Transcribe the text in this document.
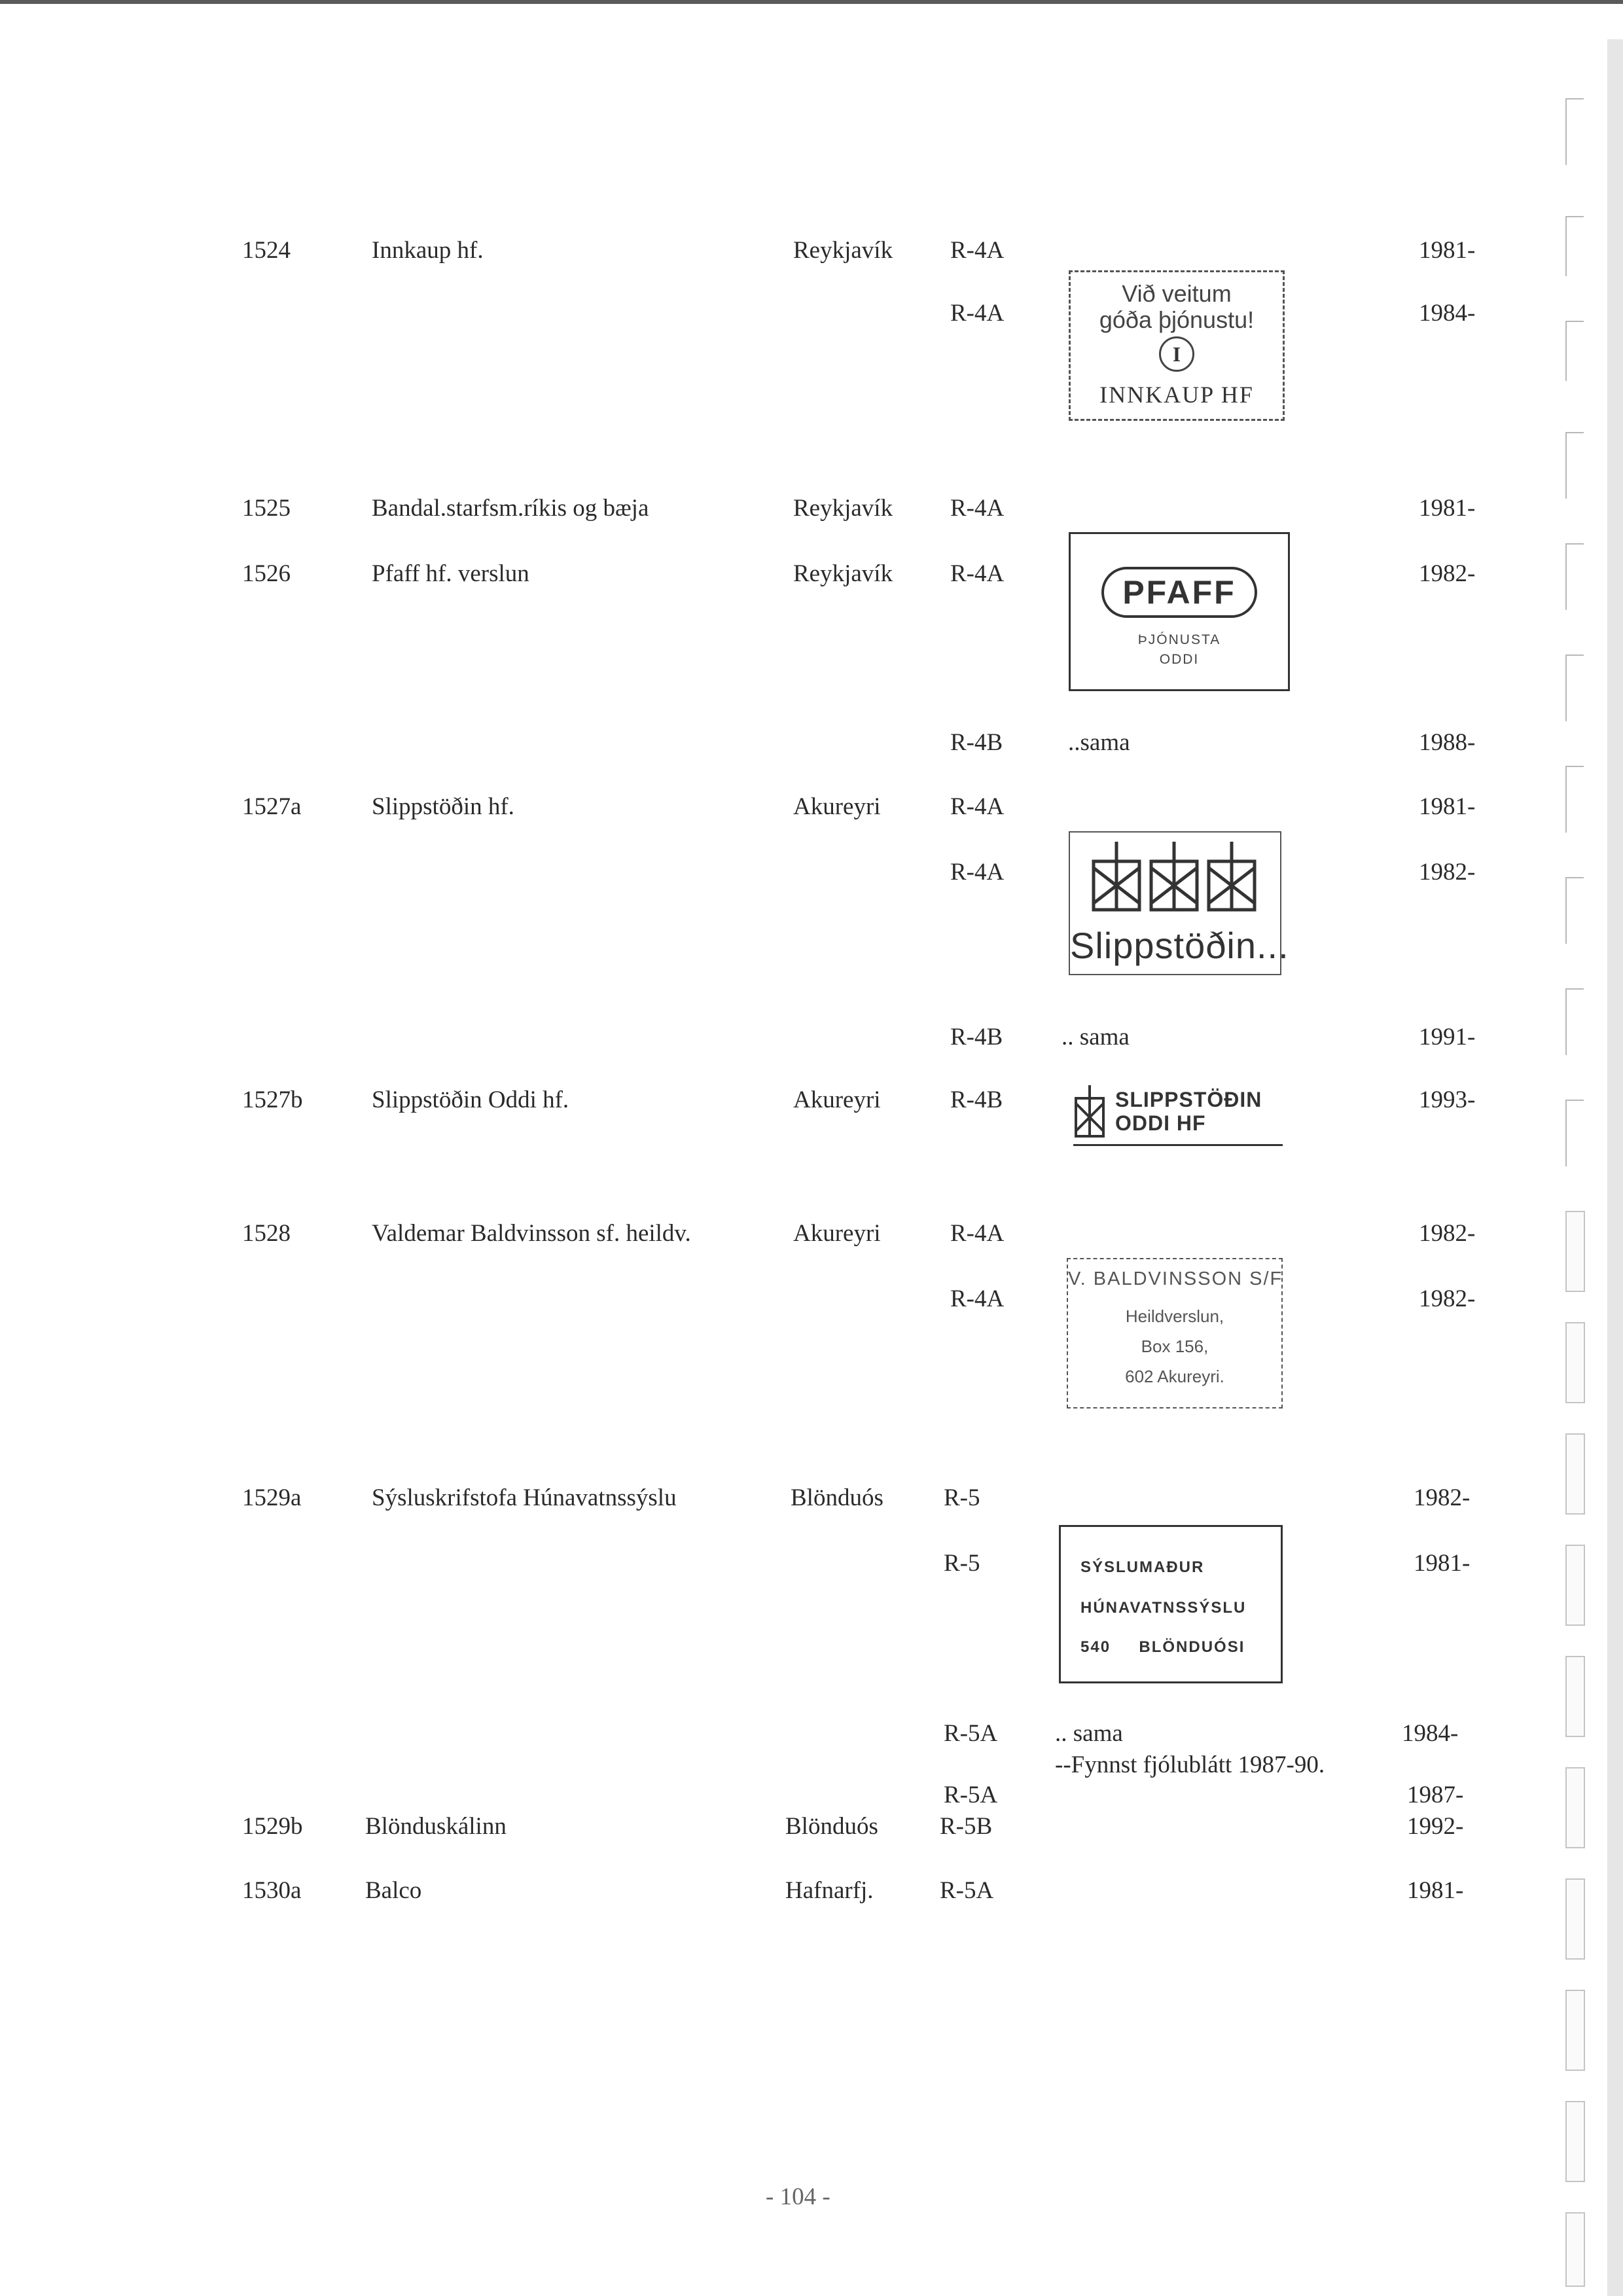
1524	Innkaup hf.	Reykjavík R-4A	1981-
R-4A	1984-
Við veitum
góða þjónustu!
I
INNKAUP HF
1525	Bandal.starfsm.ríkis og bæja	Reykjavík R-4A	1981-
1526	Pfaff hf. verslun	Reykjavík R-4A	1982-
PFAFF
ÞJÓNUSTA
ODDI
R-4B	..sama	1988-
1527a	Slippstöðin hf.	Akureyri	R-4A	1981-
R-4A	1982-
Slippstöðin...
R-4B .. sama	1991-
1527b	Slippstöðin Oddi hf.	Akureyri	R-4B	1993-
SLIPPSTÖÐIN
ODDI HF
1528	Valdemar Baldvinsson sf. heildv.	Akureyri	R-4A	1982-
R-4A	1982-
V. BALDVINSSON S/F
Heildverslun,
Box 156,
602 Akureyri.
1529a	Sýsluskrifstofa Húnavatnssýslu	Blönduós R-5	1982-
R-5	1981-
SÝSLUMAÐUR
HÚNAVATNSSÝSLU
540     BLÖNDUÓSI
R-5A .. sama	1984-
--Fynnst fjólublátt 1987-90.
R-5A	1987-
1529b	Blönduskálinn	Blönduós	R-5B	1992-
1530a	Balco	Hafnarfj.	R-5A	1981-
- 104 -
